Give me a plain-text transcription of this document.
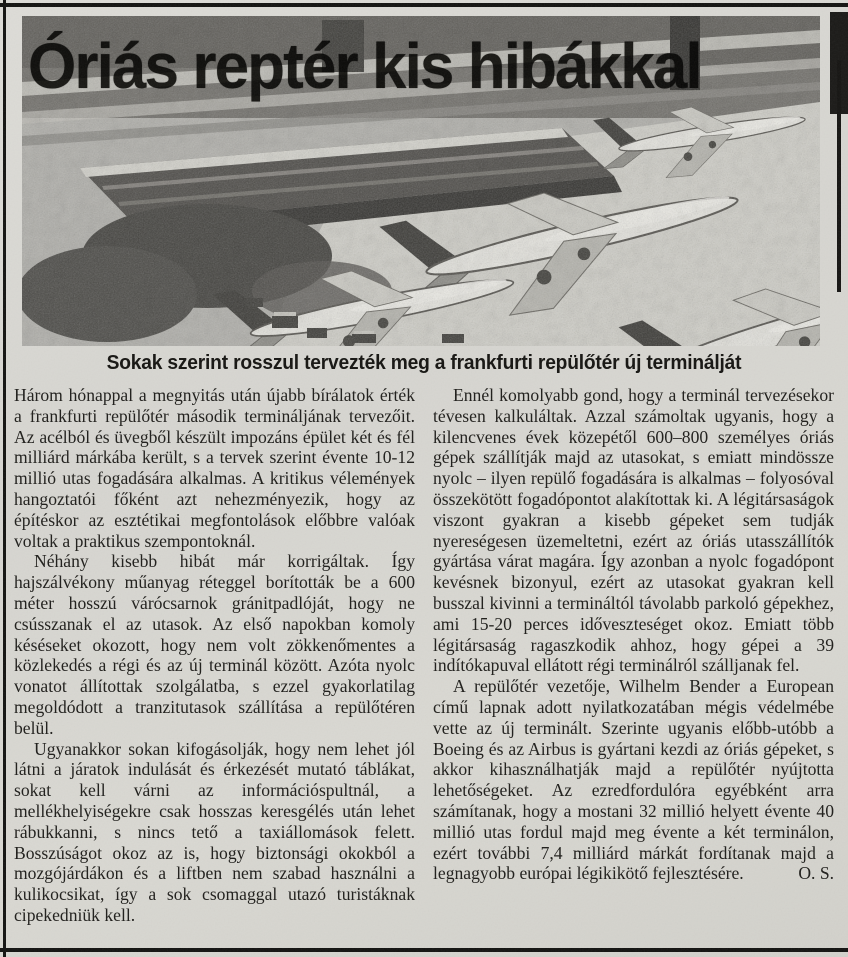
Óriás reptér kis hibákkal
Sokak szerint rosszul tervezték meg a frankfurti repülőtér új terminálját

Három hónappal a megnyitás után újabb bírálatok érték a frankfurti repülőtér második termináljának tervezőit. Az acélból és üvegből készült impozáns épület két és fél milliárd márkába került, s a tervek szerint évente 10-12 millió utas fogadására alkalmas. A kritikus vélemények hangoztatói főként azt nehezményezik, hogy az építéskor az esztétikai megfontolások előbbre valóak voltak a praktikus szempontoknál.

Néhány kisebb hibát már korrigáltak. Így hajszálvékony műanyag réteggel borították be a 600 méter hosszú várócsarnok gránitpadlóját, hogy ne csússzanak el az utasok. Az első napokban komoly késéseket okozott, hogy nem volt zökkenőmentes a közlekedés a régi és az új terminál között. Azóta nyolc vonatot állítottak szolgálatba, s ezzel gyakorlatilag megoldódott a tranzitutasok szállítása a repülőtéren belül.

Ugyanakkor sokan kifogásolják, hogy nem lehet jól látni a járatok indulását és érkezését mutató táblákat, sokat kell várni az információspultnál, a mellékhelyiségekre csak hosszas keresgélés után lehet rábukkanni, s nincs tető a taxiállomások felett. Bosszúságot okoz az is, hogy biztonsági okokból a mozgójárdákon és a liftben nem szabad használni a kulikocsikat, így a sok csomaggal utazó turistáknak cipekedniük kell.

Ennél komolyabb gond, hogy a terminál tervezésekor tévesen kalkuláltak. Azzal számoltak ugyanis, hogy a kilencvenes évek közepétől 600–800 személyes óriás gépek szállítják majd az utasokat, s emiatt mindössze nyolc – ilyen repülő fogadására is alkalmas – folyosóval összekötött fogadópontot alakítottak ki. A légitársaságok viszont gyakran a kisebb gépeket sem tudják nyereségesen üzemeltetni, ezért az óriás utasszállítók gyártása várat magára. Így azonban a nyolc fogadópont kevésnek bizonyul, ezért az utasokat gyakran kell busszal kivinni a termináltól távolabb parkoló gépekhez, ami 15-20 perces időveszteséget okoz. Emiatt több légitársaság ragaszkodik ahhoz, hogy gépei a 39 indítókapuval ellátott régi terminálról szálljanak fel.

A repülőtér vezetője, Wilhelm Bender a European című lapnak adott nyilatkozatában mégis védelmébe vette az új terminált. Szerinte ugyanis előbb-utóbb a Boeing és az Airbus is gyártani kezdi az óriás gépeket, s akkor kihasználhatják majd a repülőtér nyújtotta lehetőségeket. Az ezredfordulóra egyébként arra számítanak, hogy a mostani 32 millió helyett évente 40 millió utas fordul majd meg évente a két terminálon, ezért további 7,4 milliárd márkát fordítanak majd a legnagyobb európai légikikötő fejlesztésére.	O. S.
